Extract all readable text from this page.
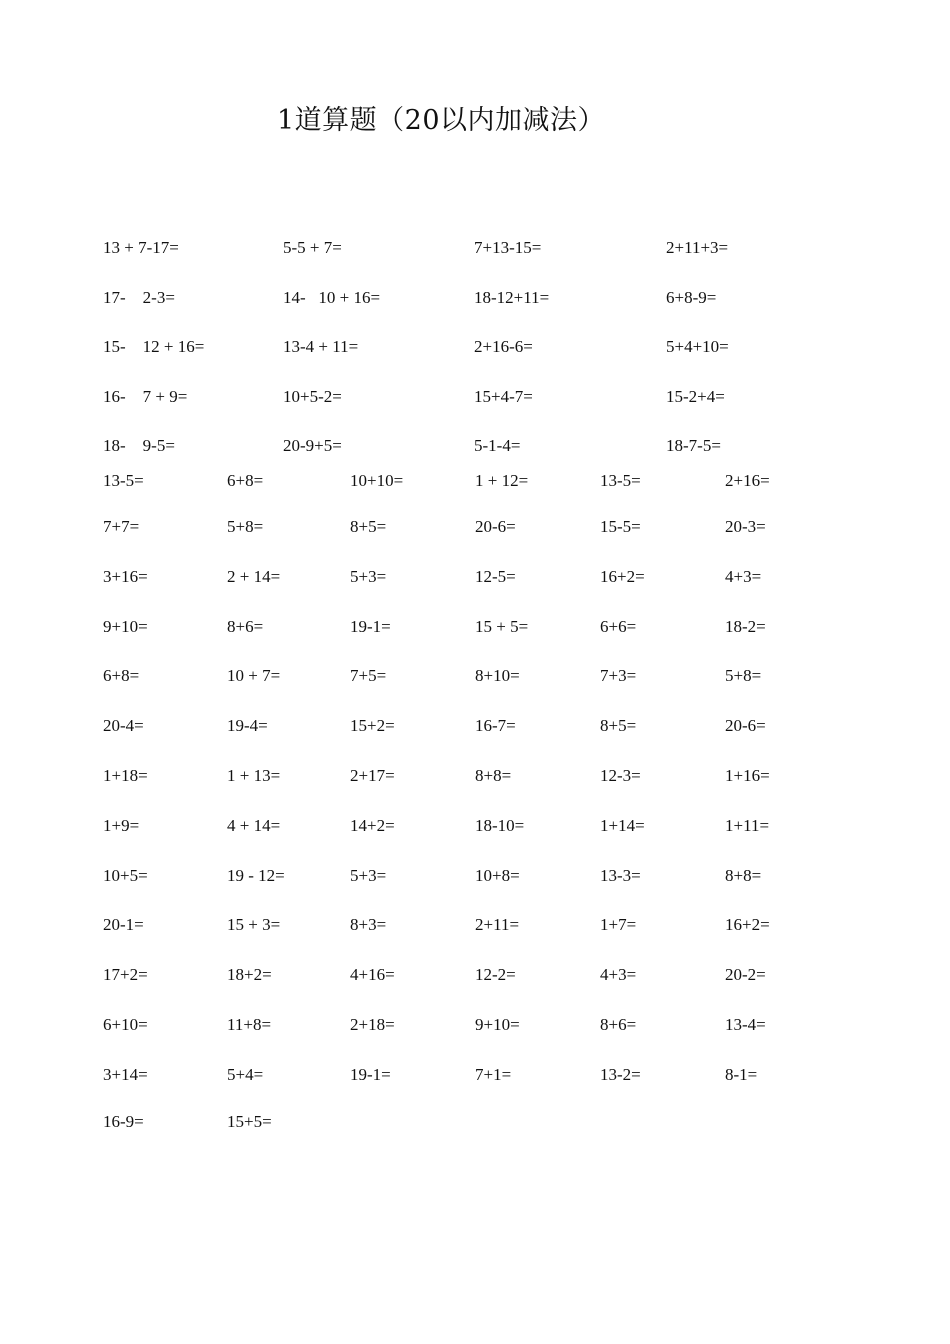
1道算题（20以内加减法）
13 + 7-17=	5-5 + 7=	7+13-15=	2+11+3=
17-    2-3=	14-   10 + 16=	18-12+11=	6+8-9=
15-    12 + 16=	13-4 + 11=	2+16-6=	5+4+10=
16-    7 + 9=	10+5-2=	15+4-7=	15-2+4=
18-    9-5=	20-9+5=	5-1-4=	18-7-5=
13-5=	6+8=	10+10=	1 + 12=	13-5=	2+16=
7+7=	5+8=	8+5=	20-6=	15-5=	20-3=
3+16=	2 + 14=	5+3=	12-5=	16+2=	4+3=
9+10=	8+6=	19-1=	15 + 5=	6+6=	18-2=
6+8=	10 + 7=	7+5=	8+10=	7+3=	5+8=
20-4=	19-4=	15+2=	16-7=	8+5=	20-6=
1+18=	1 + 13=	2+17=	8+8=	12-3=	1+16=
1+9=	4 + 14=	14+2=	18-10=	1+14=	1+11=
10+5=	19 - 12=	5+3=	10+8=	13-3=	8+8=
20-1=	15 + 3=	8+3=	2+11=	1+7=	16+2=
17+2=	18+2=	4+16=	12-2=	4+3=	20-2=
6+10=	11+8=	2+18=	9+10=	8+6=	13-4=
3+14=	5+4=	19-1=	7+1=	13-2=	8-1=
16-9=	15+5=
